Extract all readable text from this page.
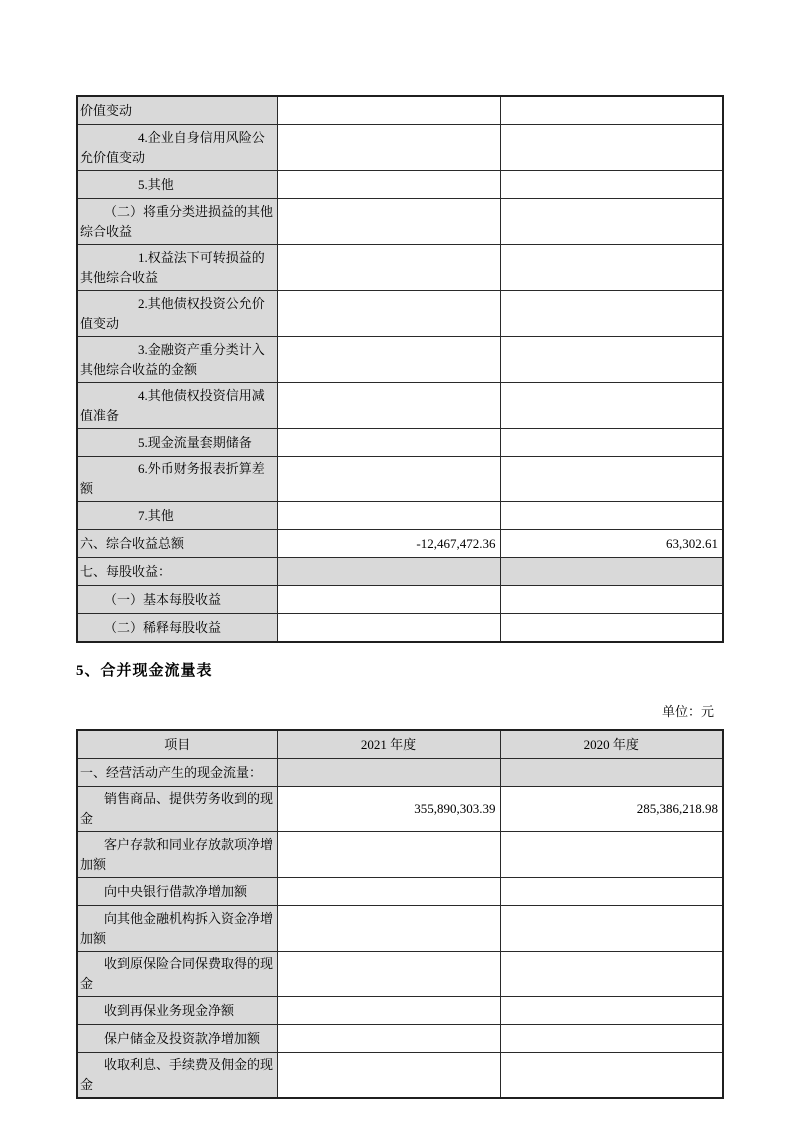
价值变动		
4.企业自身信用风险公允价值变动		
5.其他		
（二）将重分类进损益的其他综合收益		
1.权益法下可转损益的其他综合收益		
2.其他债权投资公允价值变动		
3.金融资产重分类计入其他综合收益的金额		
4.其他债权投资信用减值准备		
5.现金流量套期储备		
6.外币财务报表折算差额		
7.其他		
六、综合收益总额	-12,467,472.36	63,302.61
七、每股收益：		
（一）基本每股收益		
（二）稀释每股收益		
5、合并现金流量表
单位：元
项目	2021 年度	2020 年度
一、经营活动产生的现金流量：		
销售商品、提供劳务收到的现金	355,890,303.39	285,386,218.98
客户存款和同业存放款项净增加额		
向中央银行借款净增加额		
向其他金融机构拆入资金净增加额		
收到原保险合同保费取得的现金		
收到再保业务现金净额		
保户储金及投资款净增加额		
收取利息、手续费及佣金的现金		
